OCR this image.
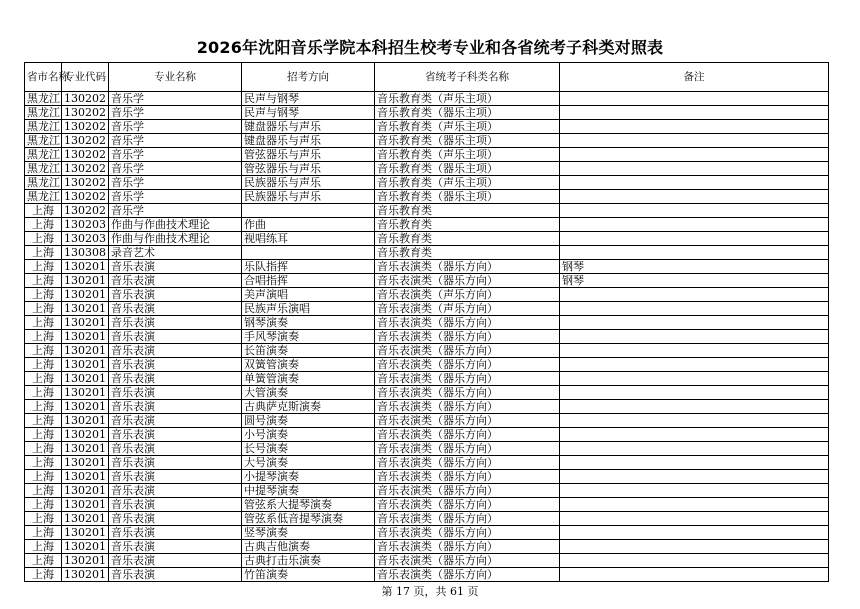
2026年沈阳音乐学院本科招生校考专业和各省统考子科类对照表
省市名称	专业代码	专业名称	招考方向	省统考子科类名称	备注
黑龙江	130202	音乐学	民声与钢琴	音乐教育类（声乐主项）	
黑龙江	130202	音乐学	民声与钢琴	音乐教育类（器乐主项）	
黑龙江	130202	音乐学	键盘器乐与声乐	音乐教育类（声乐主项）	
黑龙江	130202	音乐学	键盘器乐与声乐	音乐教育类（器乐主项）	
黑龙江	130202	音乐学	管弦器乐与声乐	音乐教育类（声乐主项）	
黑龙江	130202	音乐学	管弦器乐与声乐	音乐教育类（器乐主项）	
黑龙江	130202	音乐学	民族器乐与声乐	音乐教育类（声乐主项）	
黑龙江	130202	音乐学	民族器乐与声乐	音乐教育类（器乐主项）	
上海	130202	音乐学		音乐教育类	
上海	130203	作曲与作曲技术理论	作曲	音乐教育类	
上海	130203	作曲与作曲技术理论	视唱练耳	音乐教育类	
上海	130308	录音艺术		音乐教育类	
上海	130201	音乐表演	乐队指挥	音乐表演类（器乐方向）	钢琴
上海	130201	音乐表演	合唱指挥	音乐表演类（器乐方向）	钢琴
上海	130201	音乐表演	美声演唱	音乐表演类（声乐方向）	
上海	130201	音乐表演	民族声乐演唱	音乐表演类（声乐方向）	
上海	130201	音乐表演	钢琴演奏	音乐表演类（器乐方向）	
上海	130201	音乐表演	手风琴演奏	音乐表演类（器乐方向）	
上海	130201	音乐表演	长笛演奏	音乐表演类（器乐方向）	
上海	130201	音乐表演	双簧管演奏	音乐表演类（器乐方向）	
上海	130201	音乐表演	单簧管演奏	音乐表演类（器乐方向）	
上海	130201	音乐表演	大管演奏	音乐表演类（器乐方向）	
上海	130201	音乐表演	古典萨克斯演奏	音乐表演类（器乐方向）	
上海	130201	音乐表演	圆号演奏	音乐表演类（器乐方向）	
上海	130201	音乐表演	小号演奏	音乐表演类（器乐方向）	
上海	130201	音乐表演	长号演奏	音乐表演类（器乐方向）	
上海	130201	音乐表演	大号演奏	音乐表演类（器乐方向）	
上海	130201	音乐表演	小提琴演奏	音乐表演类（器乐方向）	
上海	130201	音乐表演	中提琴演奏	音乐表演类（器乐方向）	
上海	130201	音乐表演	管弦系大提琴演奏	音乐表演类（器乐方向）	
上海	130201	音乐表演	管弦系低音提琴演奏	音乐表演类（器乐方向）	
上海	130201	音乐表演	竖琴演奏	音乐表演类（器乐方向）	
上海	130201	音乐表演	古典吉他演奏	音乐表演类（器乐方向）	
上海	130201	音乐表演	古典打击乐演奏	音乐表演类（器乐方向）	
上海	130201	音乐表演	竹笛演奏	音乐表演类（器乐方向）	
第 17 页，共 61 页
